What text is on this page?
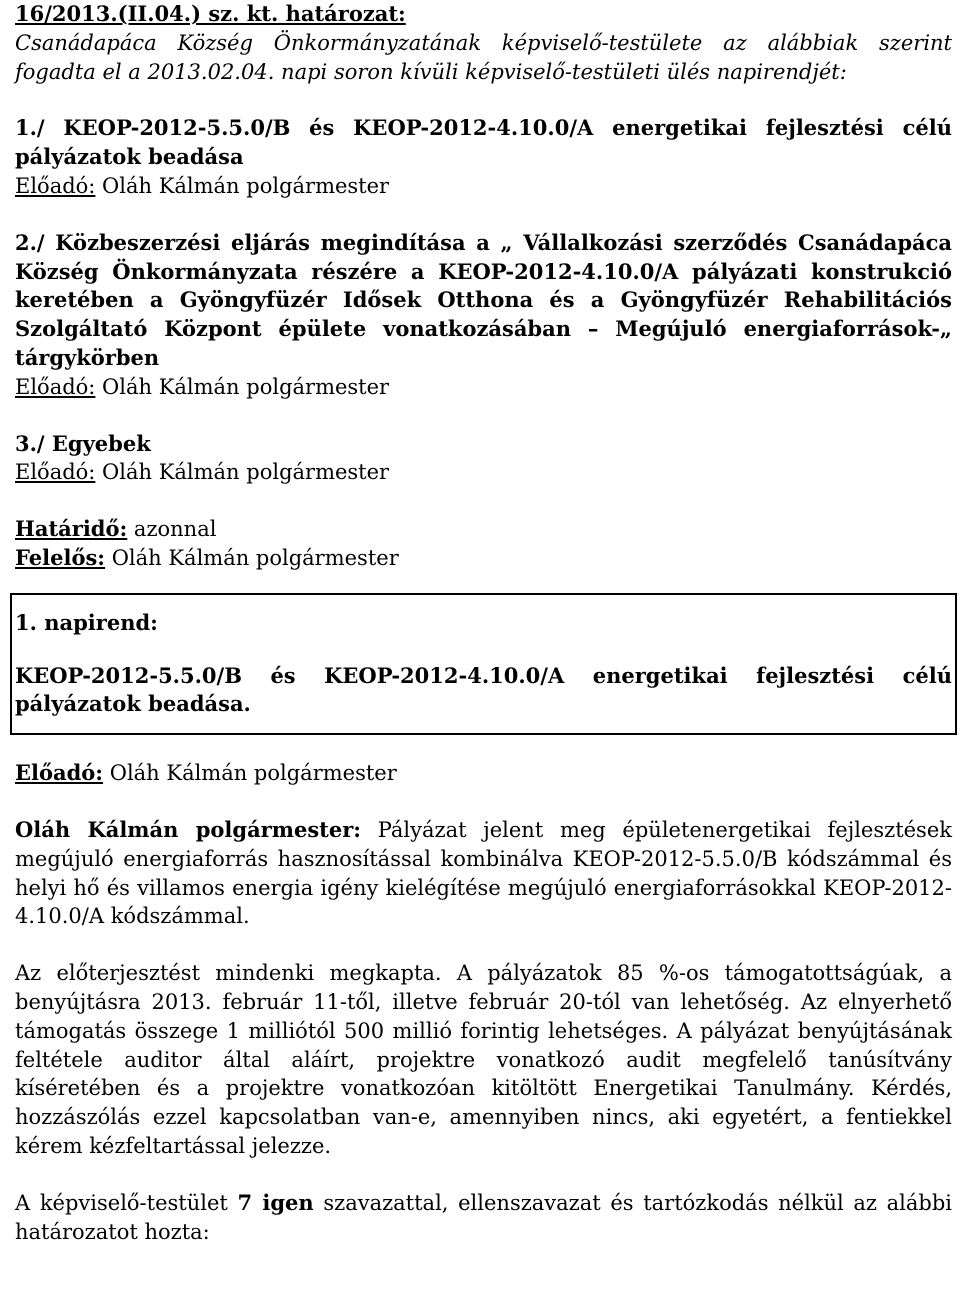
16/2013.(II.04.) sz. kt. határozat:
Csanádapáca Község Önkormányzatának képviselő-testülete az alábbiak szerint fogadta el a 2013.02.04. napi soron kívüli képviselő-testületi ülés napirendjét:

1./ KEOP-2012-5.5.0/B és KEOP-2012-4.10.0/A energetikai fejlesztési célú pályázatok beadása
Előadó: Oláh Kálmán polgármester

2./ Közbeszerzési eljárás megindítása a „ Vállalkozási szerződés Csanádapáca Község Önkormányzata részére a KEOP-2012-4.10.0/A pályázati konstrukció keretében a Gyöngyfüzér Idősek Otthona és a Gyöngyfüzér Rehabilitációs Szolgáltató Központ épülete vonatkozásában – Megújuló energiaforrások-„ tárgykörben
Előadó: Oláh Kálmán polgármester

3./ Egyebek
Előadó: Oláh Kálmán polgármester

Határidő: azonnal
Felelős: Oláh Kálmán polgármester

1. napirend:

KEOP-2012-5.5.0/B és KEOP-2012-4.10.0/A energetikai fejlesztési célú pályázatok beadása.

Előadó: Oláh Kálmán polgármester

Oláh Kálmán polgármester: Pályázat jelent meg épületenergetikai fejlesztések megújuló energiaforrás hasznosítással kombinálva KEOP-2012-5.5.0/B kódszámmal és helyi hő és villamos energia igény kielégítése megújuló energiaforrásokkal KEOP-2012-4.10.0/A kódszámmal.

Az előterjesztést mindenki megkapta. A pályázatok 85 %-os támogatottságúak, a benyújtásra 2013. február 11-től, illetve február 20-tól van lehetőség. Az elnyerhető támogatás összege 1 milliótól 500 millió forintig lehetséges. A pályázat benyújtásának feltétele auditor által aláírt, projektre vonatkozó audit megfelelő tanúsítvány kíséretében és a projektre vonatkozóan kitöltött Energetikai Tanulmány. Kérdés, hozzászólás ezzel kapcsolatban van-e, amennyiben nincs, aki egyetért, a fentiekkel kérem kézfeltartással jelezze.

A képviselő-testület 7 igen szavazattal, ellenszavazat és tartózkodás nélkül az alábbi határozatot hozta:
